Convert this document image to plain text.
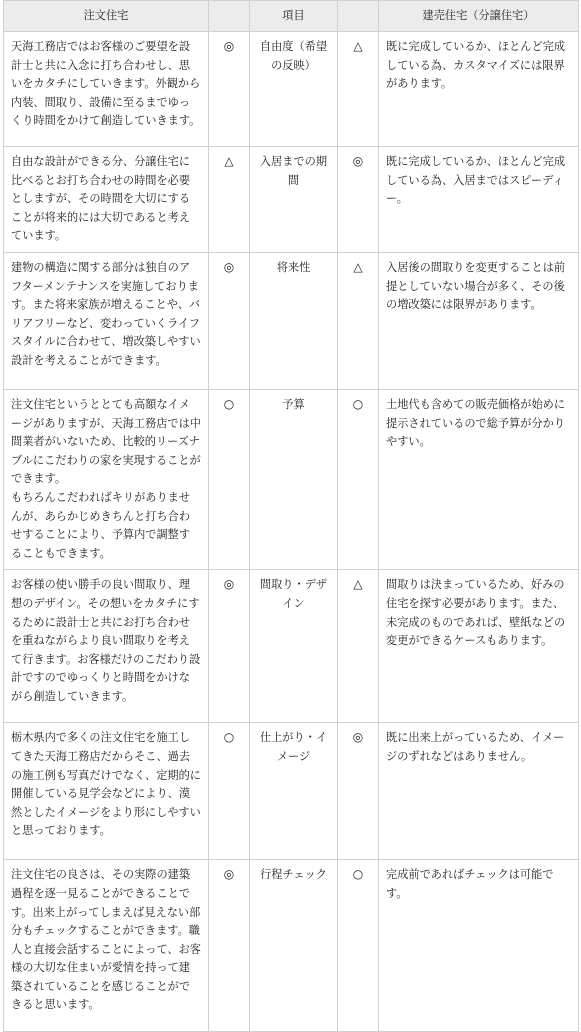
注文住宅		項目		建売住宅（分譲住宅）
天海工務店ではお客様のご要望を設計士と共に入念に打ち合わせし、思いをカタチにしていきます。外観から内装、間取り、設備に至るまでゆっくり時間をかけて創造していきます。	◎	自由度（希望の反映）	△	既に完成しているか、ほとんど完成している為、カスタマイズには限界があります。
自由な設計ができる分、分譲住宅に比べるとお打ち合わせの時間を必要としますが、その時間を大切にすることが将来的には大切であると考えています。	△	入居までの期間	◎	既に完成しているか、ほとんど完成している為、入居まではスピーディー。
建物の構造に関する部分は独自のアフターメンテナンスを実施しております。また将来家族が増えることや、バリアフリーなど、変わっていくライフスタイルに合わせて、増改築しやすい設計を考えることができます。	◎	将来性	△	入居後の間取りを変更することは前提としていない場合が多く、その後の増改築には限界があります。

注文住宅というととても高額なイメージがありますが、天海工務店では中間業者がいないため、比較的リーズナブルにこだわりの家を実現することができます。
もちろんこだわればキリがありませんが、あらかじめきちんと打ち合わせすることにより、予算内で調整することもできます。	○	予算	○	土地代も含めての販売価格が始めに提示されているので総予算が分かりやすい。
お客様の使い勝手の良い間取り、理想のデザイン。その想いをカタチにするために設計士と共にお打ち合わせを重ねながらより良い間取りを考えて行きます。お客様だけのこだわり設計ですのでゆっくりと時間をかけながら創造していきます。	◎	間取り・デザイン	△	間取りは決まっているため、好みの住宅を探す必要があります。また、未完成のものであれば、壁紙などの変更ができるケースもあります。
栃木県内で多くの注文住宅を施工してきた天海工務店だからそこ、過去の施工例も写真だけでなく、定期的に開催している見学会などにより、漠然としたイメージをより形にしやすいと思っております。	○	仕上がり・イメージ	◎	既に出来上がっているため、イメージのずれなどはありません。
注文住宅の良さは、その実際の建築過程を逐一見ることができることです。出来上がってしまえば見えない部分もチェックすることができます。職人と直接会話することによって、お客様の大切な住まいが愛情を持って建築されていることを感じることができると思います。	◎	行程チェック	○	完成前であればチェックは可能です。
